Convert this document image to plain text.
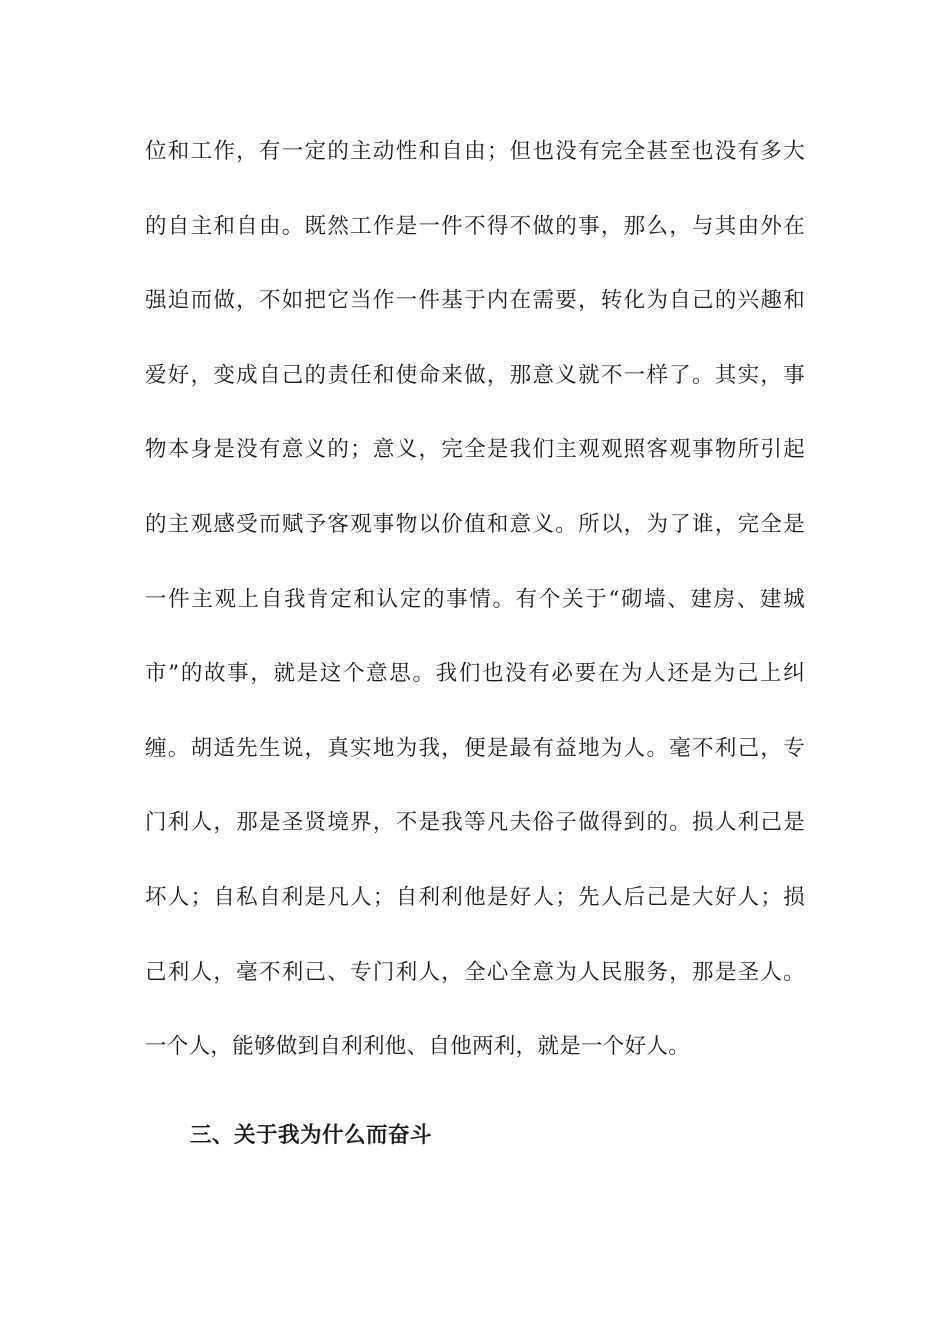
位和工作，有一定的主动性和自由；但也没有完全甚至也没有多大
的自主和自由。既然工作是一件不得不做的事，那么，与其由外在
强迫而做，不如把它当作一件基于内在需要，转化为自己的兴趣和
爱好，变成自己的责任和使命来做，那意义就不一样了。其实，事
物本身是没有意义的；意义，完全是我们主观观照客观事物所引起
的主观感受而赋予客观事物以价值和意义。所以，为了谁，完全是
一件主观上自我肯定和认定的事情。有个关于“砌墙、建房、建城
市”的故事，就是这个意思。我们也没有必要在为人还是为己上纠
缠。胡适先生说，真实地为我，便是最有益地为人。毫不利己，专
门利人，那是圣贤境界，不是我等凡夫俗子做得到的。损人利己是
坏人；自私自利是凡人；自利利他是好人；先人后己是大好人；损
己利人，毫不利己、专门利人，全心全意为人民服务，那是圣人。
一个人，能够做到自利利他、自他两利，就是一个好人。
三、关于我为什么而奋斗
